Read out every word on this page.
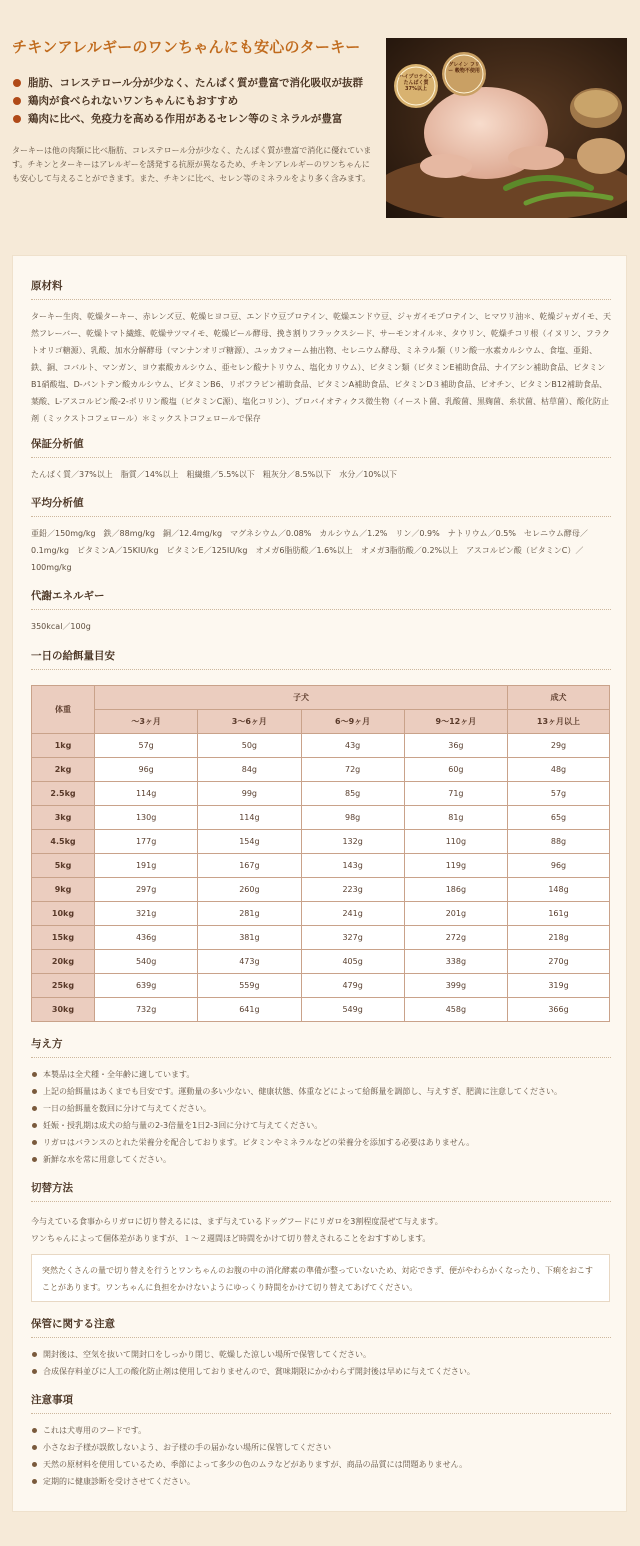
チキンアレルギーのワンちゃんにも安心のターキー
脂肪、コレステロール分が少なく、たんぱく質が豊富で消化吸収が抜群
鶏肉が食べられないワンちゃんにもおすすめ
鶏肉に比べ、免疫力を高める作用があるセレン等のミネラルが豊富

ターキーは他の肉類に比べ脂肪、コレステロール分が少なく、たんぱく質が豊富で消化に優れています。チキンとターキーはアレルギーを誘発する抗原が異なるため、チキンアレルギーのワンちゃんにも安心して与えることができます。また、チキンに比べ、セレン等のミネラルをより多く含みます。

ハイプロテイン たんぱく質 37%以上
グレイン フリー 穀物不使用
原材料

ターキー生肉、乾燥ターキー、赤レンズ豆、乾燥ヒヨコ豆、エンドウ豆プロテイン、乾燥エンドウ豆、ジャガイモプロテイン、ヒマワリ油＊、乾燥ジャガイモ、天然フレーバー、乾燥トマト繊維、乾燥サツマイモ、乾燥ビール酵母、挽き割りフラックスシード、サーモンオイル＊、タウリン、乾燥チコリ根（イヌリン、フラクトオリゴ糖源）、乳酸、加水分解酵母（マンナンオリゴ糖源）、ユッカフォーム抽出物、セレニウム酵母、ミネラル類（リン酸一水素カルシウム、食塩、亜鉛、鉄、銅、コバルト、マンガン、ヨウ素酸カルシウム、亜セレン酸ナトリウム、塩化カリウム）、ビタミン類（ビタミンE補助食品、ナイアシン補助食品、ビタミンB1硝酸塩、D-パントテン酸カルシウム、ビタミンB6、リボフラビン補助食品、ビタミンA補助食品、ビタミンD３補助食品、ビオチン、ビタミンB12補助食品、葉酸、L-アスコルビン酸-2-ポリリン酸塩（ビタミンC源）、塩化コリン）、プロバイオティクス微生物（イースト菌、乳酸菌、黒麹菌、糸状菌、枯草菌）、酸化防止剤（ミックストコフェロール）＊ミックストコフェロールで保存

保証分析値

たんぱく質／37%以上　脂質／14%以上　粗繊維／5.5%以下　粗灰分／8.5%以下　水分／10%以下

平均分析値

亜鉛／150mg/kg　鉄／88mg/kg　銅／12.4mg/kg　マグネシウム／0.08%　カルシウム／1.2%　リン／0.9%　ナトリウム／0.5%　セレニウム酵母／0.1mg/kg　ビタミンA／15KIU/kg　ビタミンE／125IU/kg　オメガ6脂肪酸／1.6%以上　オメガ3脂肪酸／0.2%以上　アスコルビン酸（ビタミンC）／100mg/kg

代謝エネルギー

350kcal／100g

一日の給餌量目安
体重	子犬				成犬
	～3ヶ月	3～6ヶ月	6～9ヶ月	9～12ヶ月	13ヶ月以上
1kg	57g	50g	43g	36g	29g
2kg	96g	84g	72g	60g	48g
2.5kg	114g	99g	85g	71g	57g
3kg	130g	114g	98g	81g	65g
4.5kg	177g	154g	132g	110g	88g
5kg	191g	167g	143g	119g	96g
9kg	297g	260g	223g	186g	148g
10kg	321g	281g	241g	201g	161g
15kg	436g	381g	327g	272g	218g
20kg	540g	473g	405g	338g	270g
25kg	639g	559g	479g	399g	319g
30kg	732g	641g	549g	458g	366g
与え方
本製品は全犬種・全年齢に適しています。
上記の給餌量はあくまでも目安です。運動量の多い少ない、健康状態、体重などによって給餌量を調節し、与えすぎ、肥満に注意してください。
一日の給餌量を数回に分けて与えてください。
妊娠・授乳期は成犬の給与量の2-3倍量を1日2-3回に分けて与えてください。
リガロはバランスのとれた栄養分を配合しております。ビタミンやミネラルなどの栄養分を添加する必要はありません。
新鮮な水を常に用意してください。
切替方法

今与えている食事からリガロに切り替えるには、まず与えているドッグフードにリガロを3割程度混ぜて与えます。

ワンちゃんによって個体差がありますが、１～２週間ほど時間をかけて切り替えされることをおすすめします。

突然たくさんの量で切り替えを行うとワンちゃんのお腹の中の消化酵素の準備が整っていないため、対応できず、便がやわらかくなったり、下痢をおこすことがあります。ワンちゃんに負担をかけないようにゆっくり時間をかけて切り替えてあげてください。
保管に関する注意
開封後は、空気を抜いて開封口をしっかり閉じ、乾燥した涼しい場所で保管してください。
合成保存料並びに人工の酸化防止剤は使用しておりませんので、賞味期限にかかわらず開封後は早めに与えてください。
注意事項
これは犬専用のフードです。
小さなお子様が誤飲しないよう、お子様の手の届かない場所に保管してください
天然の原材料を使用しているため、季節によって多少の色のムラなどがありますが、商品の品質には問題ありません。
定期的に健康診断を受けさせてください。
